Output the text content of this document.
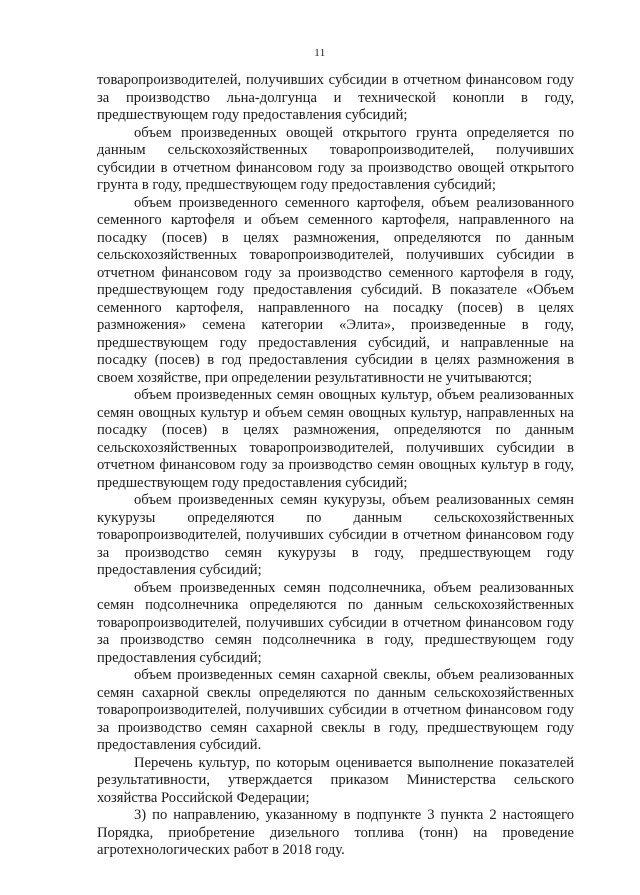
11

товаропроизводителей, получивших субсидии в отчетном финансовом году за производство льна-долгунца и технической конопли в году, предшествующем году предоставления субсидий;

объем произведенных овощей открытого грунта определяется по данным сельскохозяйственных товаропроизводителей, получивших субсидии в отчетном финансовом году за производство овощей открытого грунта в году, предшествующем году предоставления субсидий;

объем произведенного семенного картофеля, объем реализованного семенного картофеля и объем семенного картофеля, направленного на посадку (посев) в целях размножения, определяются по данным сельскохозяйственных товаропроизводителей, получивших субсидии в отчетном финансовом году за производство семенного картофеля в году, предшествующем году предоставления субсидий. В показателе «Объем семенного картофеля, направленного на посадку (посев) в целях размножения» семена категории «Элита», произведенные в году, предшествующем году предоставления субсидий, и направленные на посадку (посев) в год предоставления субсидии в целях размножения в своем хозяйстве, при определении результативности не учитываются;

объем произведенных семян овощных культур, объем реализованных семян овощных культур и объем семян овощных культур, направленных на посадку (посев) в целях размножения, определяются по данным сельскохозяйственных товаропроизводителей, получивших субсидии в отчетном финансовом году за производство семян овощных культур в году, предшествующем году предоставления субсидий;

объем произведенных семян кукурузы, объем реализованных семян кукурузы определяются по данным сельскохозяйственных товаропроизводителей, получивших субсидии в отчетном финансовом году за производство семян кукурузы в году, предшествующем году предоставления субсидий;

объем произведенных семян подсолнечника, объем реализованных семян подсолнечника определяются по данным сельскохозяйственных товаропроизводителей, получивших субсидии в отчетном финансовом году за производство семян подсолнечника в году, предшествующем году предоставления субсидий;

объем произведенных семян сахарной свеклы, объем реализованных семян сахарной свеклы определяются по данным сельскохозяйственных товаропроизводителей, получивших субсидии в отчетном финансовом году за производство семян сахарной свеклы в году, предшествующем году предоставления субсидий.

Перечень культур, по которым оценивается выполнение показателей результативности, утверждается приказом Министерства сельского хозяйства Российской Федерации;

3) по направлению, указанному в подпункте 3 пункта 2 настоящего Порядка, приобретение дизельного топлива (тонн) на проведение агротехнологических работ в 2018 году.
